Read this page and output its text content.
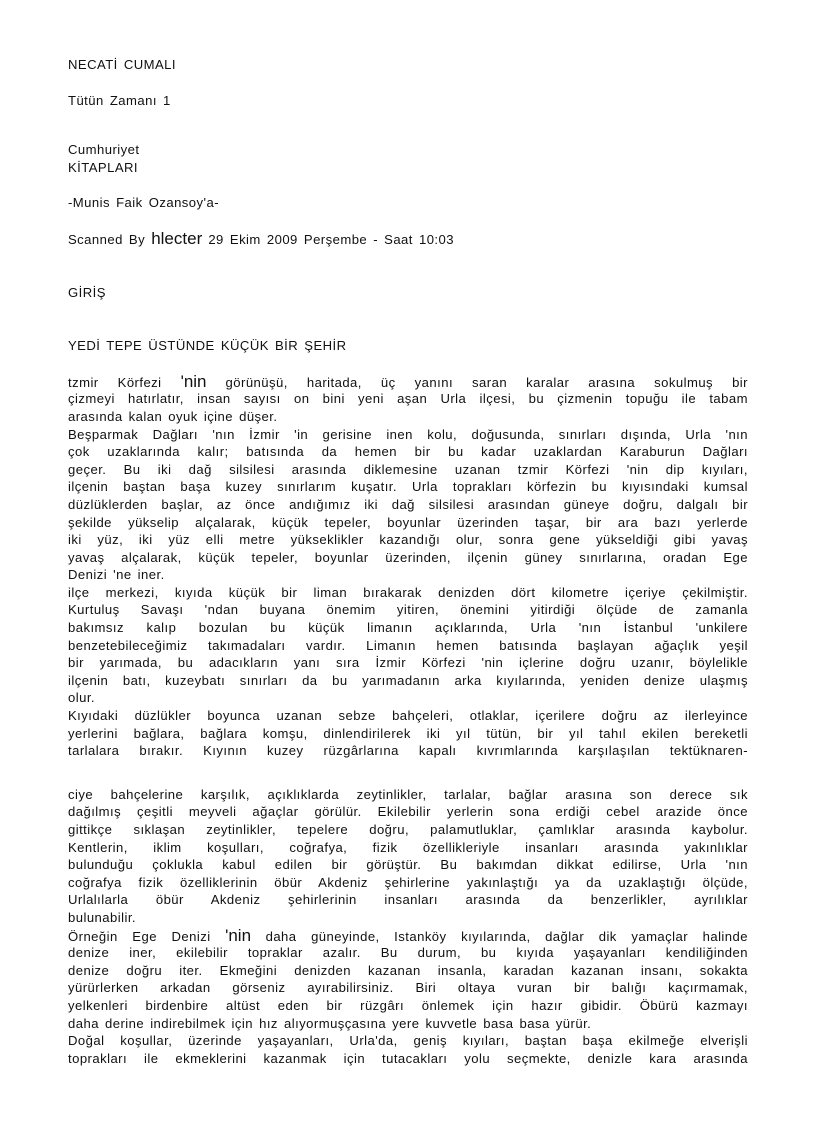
NECATİ CUMALI
Tütün Zamanı 1
Cumhuriyet
KİTAPLARI
-Munis Faik Ozansoy'a-
Scanned By hlecter 29 Ekim 2009 Perşembe - Saat 10:03
GİRİŞ
YEDİ TEPE ÜSTÜNDE KÜÇÜK BİR ŞEHİR
tzmir Körfezi 'nin görünüşü, haritada, üç yanını saran karalar arasına sokulmuş bir
çizmeyi hatırlatır, insan sayısı on bini yeni aşan Urla ilçesi, bu çizmenin topuğu ile tabam
arasında kalan oyuk içine düşer.
Beşparmak Dağları 'nın İzmir 'in gerisine inen kolu, doğusunda, sınırları dışında, Urla 'nın
çok uzaklarında kalır; batısında da hemen bir bu kadar uzaklardan Karaburun Dağları
geçer. Bu iki dağ silsilesi arasında diklemesine uzanan tzmir Körfezi 'nin dip kıyıları,
ilçenin baştan başa kuzey sınırlarım kuşatır. Urla toprakları körfezin bu kıyısındaki kumsal
düzlüklerden başlar, az önce andığımız iki dağ silsilesi arasından güneye doğru, dalgalı bir
şekilde yükselip alçalarak, küçük tepeler, boyunlar üzerinden taşar, bir ara bazı yerlerde
iki yüz, iki yüz elli metre yükseklikler kazandığı olur, sonra gene yükseldiği gibi yavaş
yavaş alçalarak, küçük tepeler, boyunlar üzerinden, ilçenin güney sınırlarına, oradan Ege
Denizi 'ne iner.
ilçe merkezi, kıyıda küçük bir liman bırakarak denizden dört kilometre içeriye çekilmiştir.
Kurtuluş Savaşı 'ndan buyana önemim yitiren, önemini yitirdiği ölçüde de zamanla
bakımsız kalıp bozulan bu küçük limanın açıklarında, Urla 'nın İstanbul 'unkilere
benzetebileceğimiz takımadaları vardır. Limanın hemen batısında başlayan ağaçlık yeşil
bir yarımada, bu adacıkların yanı sıra İzmir Körfezi 'nin içlerine doğru uzanır, böylelikle
ilçenin batı, kuzeybatı sınırları da bu yarımadanın arka kıyılarında, yeniden denize ulaşmış
olur.
Kıyıdaki düzlükler boyunca uzanan sebze bahçeleri, otlaklar, içerilere doğru az ilerleyince
yerlerini bağlara, bağlara komşu, dinlendirilerek iki yıl tütün, bir yıl tahıl ekilen bereketli
tarlalara bırakır. Kıyının kuzey rüzgârlarına kapalı kıvrımlarında karşılaşılan tektüknaren-
ciye bahçelerine karşılık, açıklıklarda zeytinlikler, tarlalar, bağlar arasına son derece sık
dağılmış çeşitli meyveli ağaçlar görülür. Ekilebilir yerlerin sona erdiği cebel arazide önce
gittikçe sıklaşan zeytinlikler, tepelere doğru, palamutluklar, çamlıklar arasında kaybolur.
Kentlerin, iklim koşulları, coğrafya, fizik özellikleriyle insanları arasında yakınlıklar
bulunduğu çoklukla kabul edilen bir görüştür. Bu bakımdan dikkat edilirse, Urla 'nın
coğrafya fizik özelliklerinin öbür Akdeniz şehirlerine yakınlaştığı ya da uzaklaştığı ölçüde,
Urlalılarla öbür Akdeniz şehirlerinin insanları arasında da benzerlikler, ayrılıklar
bulunabilir.
Örneğin Ege Denizi 'nin daha güneyinde, Istanköy kıyılarında, dağlar dik yamaçlar halinde
denize iner, ekilebilir topraklar azalır. Bu durum, bu kıyıda yaşayanları kendiliğinden
denize doğru iter. Ekmeğini denizden kazanan insanla, karadan kazanan insanı, sokakta
yürürlerken arkadan görseniz ayırabilirsiniz. Biri oltaya vuran bir balığı kaçırmamak,
yelkenleri birdenbire altüst eden bir rüzgârı önlemek için hazır gibidir. Öbürü kazmayı
daha derine indirebilmek için hız alıyormuşçasına yere kuvvetle basa basa yürür.
Doğal koşullar, üzerinde yaşayanları, Urla'da, geniş kıyıları, baştan başa ekilmeğe elverişli
toprakları ile ekmeklerini kazanmak için tutacakları yolu seçmekte, denizle kara arasında
